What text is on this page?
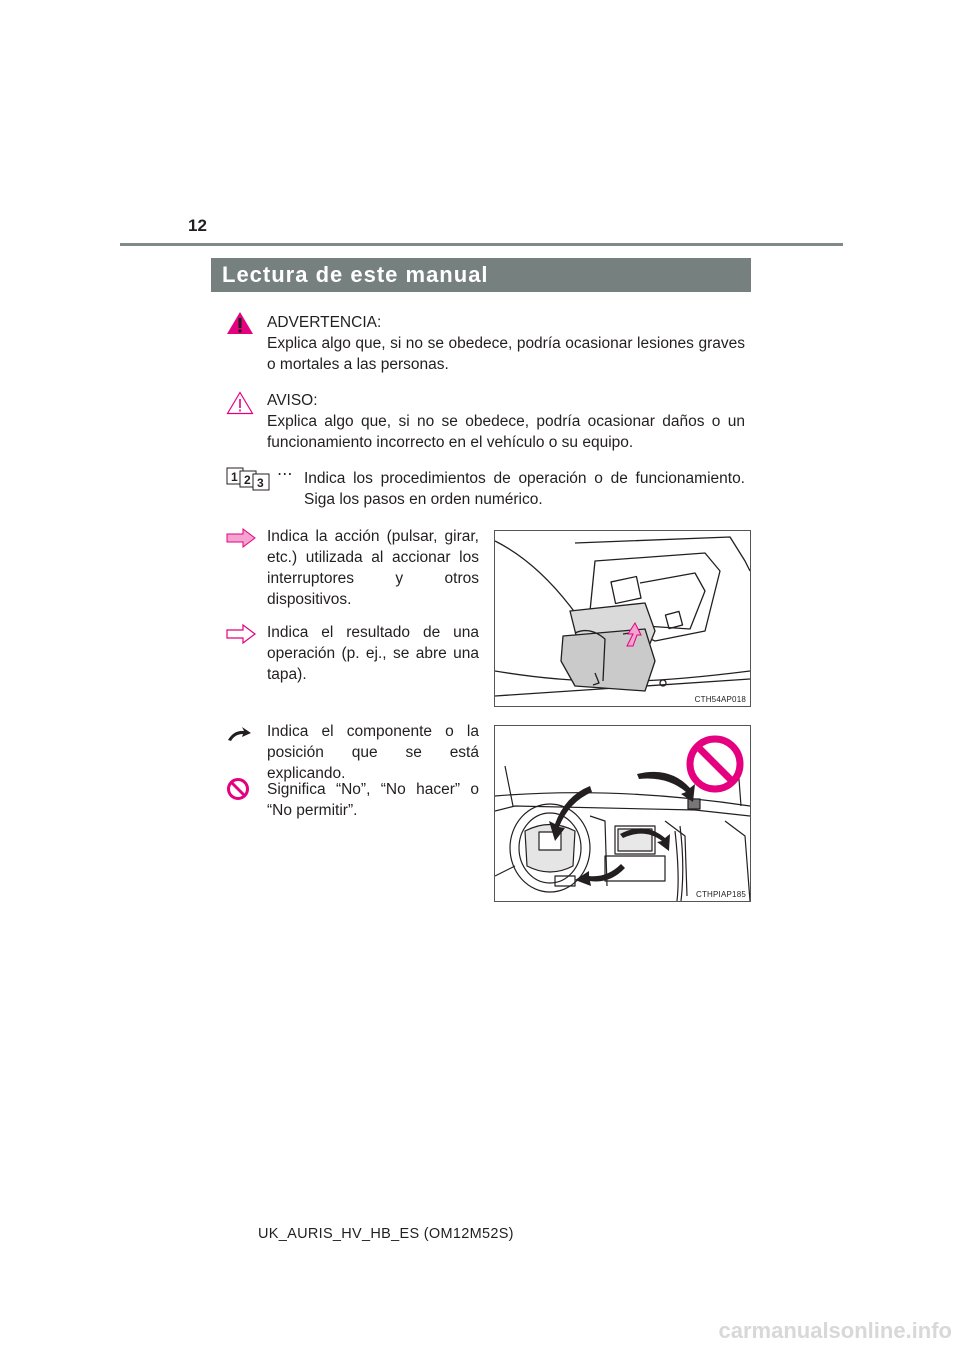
12
Lectura de este manual
ADVERTENCIA:
Explica algo que, si no se obedece, podría ocasionar lesiones graves o mortales a las personas.
AVISO:
Explica algo que, si no se obedece, podría ocasionar daños o un funcionamiento incorrecto en el vehículo o su equipo.
1 2 3 ⋯ Indica los procedimientos de operación o de funcionamiento. Siga los pasos en orden numérico.
Indica la acción (pulsar, girar, etc.) utilizada al accionar los interruptores y otros dispositivos.
Indica el resultado de una operación (p. ej., se abre una tapa).
Indica el componente o la posición que se está explicando.
Significa “No”, “No hacer” o “No permitir”.
CTH54AP018
CTHPIAP185
UK_AURIS_HV_HB_ES (OM12M52S)
carmanualsonline.info
